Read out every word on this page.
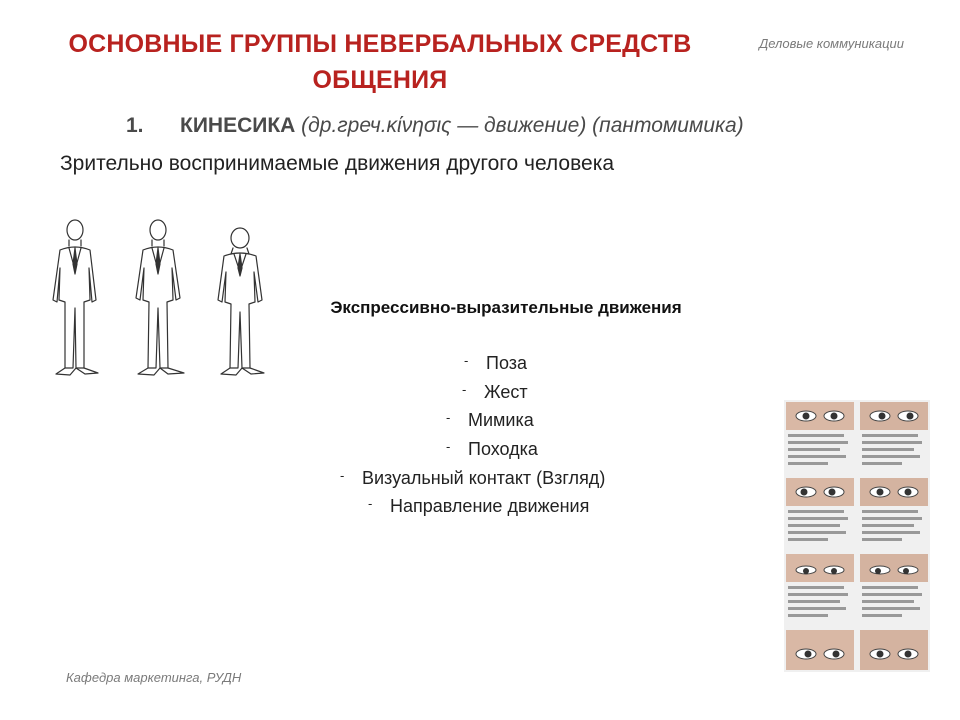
ОСНОВНЫЕ ГРУППЫ НЕВЕРБАЛЬНЫХ СРЕДСТВ ОБЩЕНИЯ
Деловые коммуникации
1. КИНЕСИКА (др.греч.κίνησις — движение) (пантомимика)
Зрительно воспринимаемые движения другого человека
Экспрессивно-выразительные движения
- Поза
- Жест
- Мимика
- Походка
- Визуальный контакт (Взгляд)
- Направление движения
Кафедра маркетинга, РУДН
